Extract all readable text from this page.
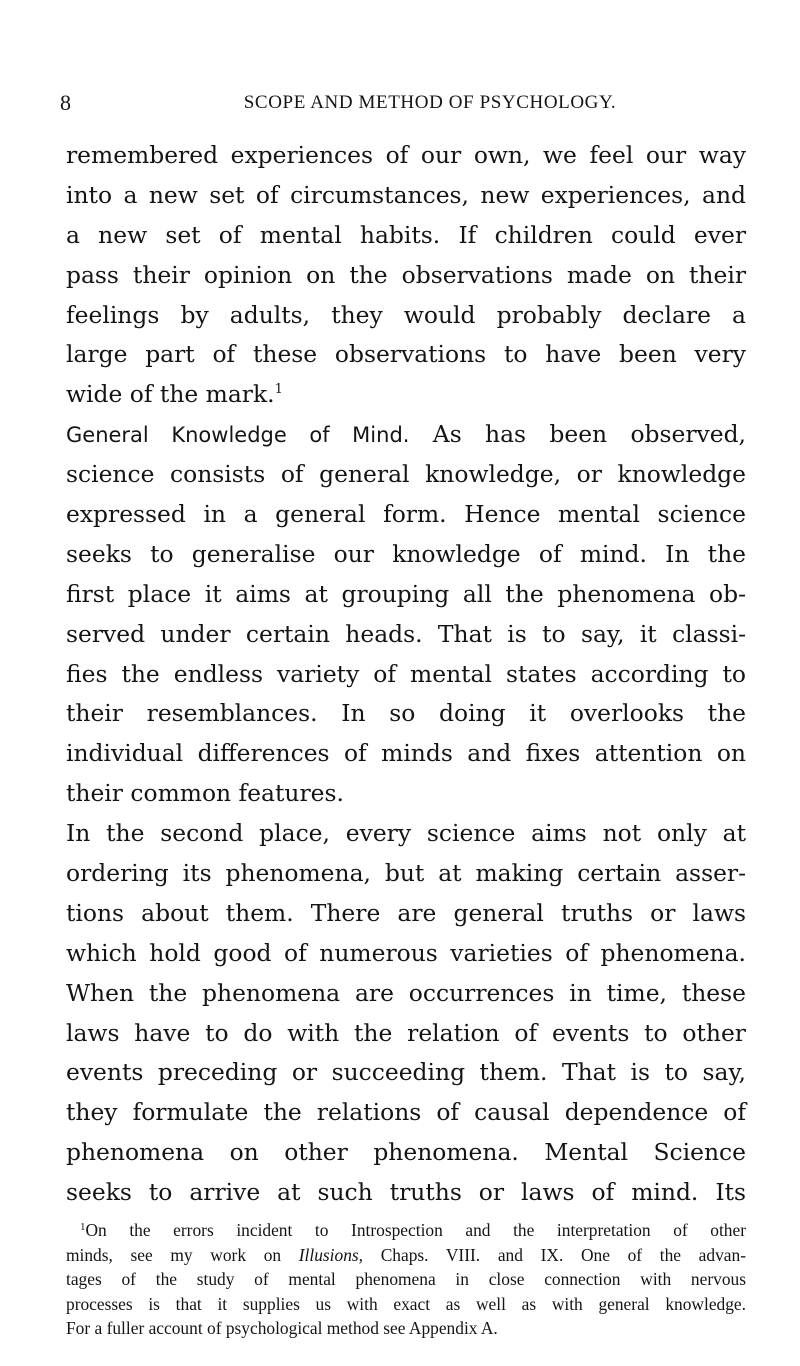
8	SCOPE AND METHOD OF PSYCHOLOGY.
remembered experiences of our own, we feel our way
into a new set of circumstances, new experiences, and
a new set of mental habits. If children could ever
pass their opinion on the observations made on their
feelings by adults, they would probably declare a
large part of these observations to have been very
wide of the mark.$^1$
General Knowledge of Mind. As has been observed,
science consists of general knowledge, or knowledge
expressed in a general form. Hence mental science
seeks to generalise our knowledge of mind. In the
first place it aims at grouping all the phenomena ob-
served under certain heads. That is to say, it classi-
fies the endless variety of mental states according to
their resemblances. In so doing it overlooks the
individual differences of minds and fixes attention on
their common features.
In the second place, every science aims not only at
ordering its phenomena, but at making certain asser-
tions about them. There are general truths or laws
which hold good of numerous varieties of phenomena.
When the phenomena are occurrences in time, these
laws have to do with the relation of events to other
events preceding or succeeding them. That is to say,
they formulate the relations of causal dependence of
phenomena on other phenomena. Mental Science
seeks to arrive at such truths or laws of mind. Its
$^1$On the errors incident to Introspection and the interpretation of other
minds, see my work on Illusions, Chaps. VIII. and IX. One of the advan-
tages of the study of mental phenomena in close connection with nervous
processes is that it supplies us with exact as well as with general knowledge.
For a fuller account of psychological method see Appendix A.
